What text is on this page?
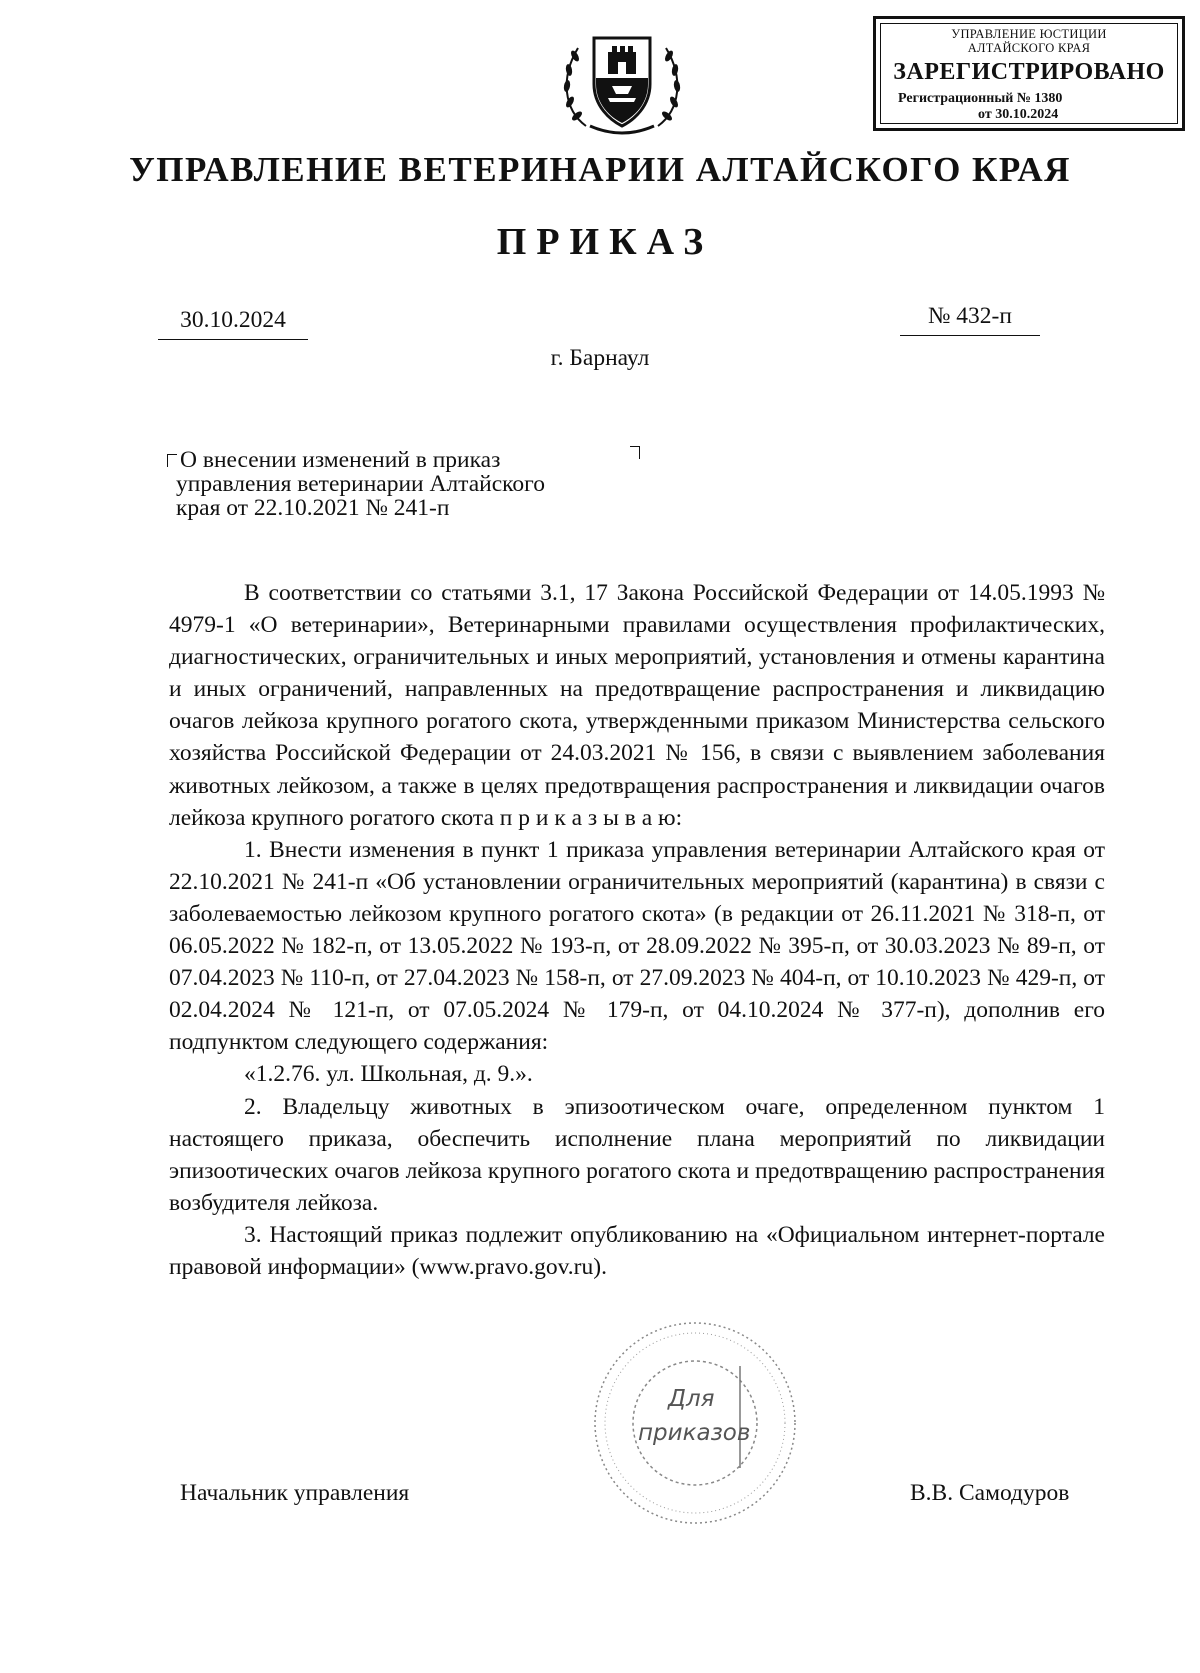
УПРАВЛЕНИЕ ЮСТИЦИИ
АЛТАЙСКОГО КРАЯ
ЗАРЕГИСТРИРОВАНО
Регистрационный № 1380
от 30.10.2024
УПРАВЛЕНИЕ ВЕТЕРИНАРИИ АЛТАЙСКОГО КРАЯ
ПРИКАЗ
30.10.2024	№ 432-п
г. Барнаул
О внесении изменений в приказ
управления ветеринарии Алтайского
края от 22.10.2021 № 241-п

В соответствии со статьями 3.1, 17 Закона Российской Федерации от 14.05.1993 № 4979-1 «О ветеринарии», Ветеринарными правилами осуществления профилактических, диагностических, ограничительных и иных мероприятий, установления и отмены карантина и иных ограничений, направленных на предотвращение распространения и ликвидацию очагов лейкоза крупного рогатого скота, утвержденными приказом Министерства сельского хозяйства Российской Федерации от 24.03.2021 № 156, в связи с выявлением заболевания животных лейкозом, а также в целях предотвращения распространения и ликвидации очагов лейкоза крупного рогатого скота п р и к а з ы в а ю:

1. Внести изменения в пункт 1 приказа управления ветеринарии Алтайского края от 22.10.2021 № 241-п «Об установлении ограничительных мероприятий (карантина) в связи с заболеваемостью лейкозом крупного рогатого скота» (в редакции от 26.11.2021 № 318-п, от 06.05.2022 № 182-п, от 13.05.2022 № 193-п, от 28.09.2022 № 395-п, от 30.03.2023 № 89-п, от 07.04.2023 № 110-п, от 27.04.2023 № 158-п, от 27.09.2023 № 404-п, от 10.10.2023 № 429-п, от 02.04.2024 № 121-п, от 07.05.2024 № 179-п, от 04.10.2024 № 377-п), дополнив его подпунктом следующего содержания:

«1.2.76. ул. Школьная, д. 9.».

2. Владельцу животных в эпизоотическом очаге, определенном пунктом 1 настоящего приказа, обеспечить исполнение плана мероприятий по ликвидации эпизоотических очагов лейкоза крупного рогатого скота и предотвращению распространения возбудителя лейкоза.

3. Настоящий приказ подлежит опубликованию на «Официальном интернет-портале правовой информации» (www.pravo.gov.ru).

Для
приказов
Начальник управления	В.В. Самодуров
